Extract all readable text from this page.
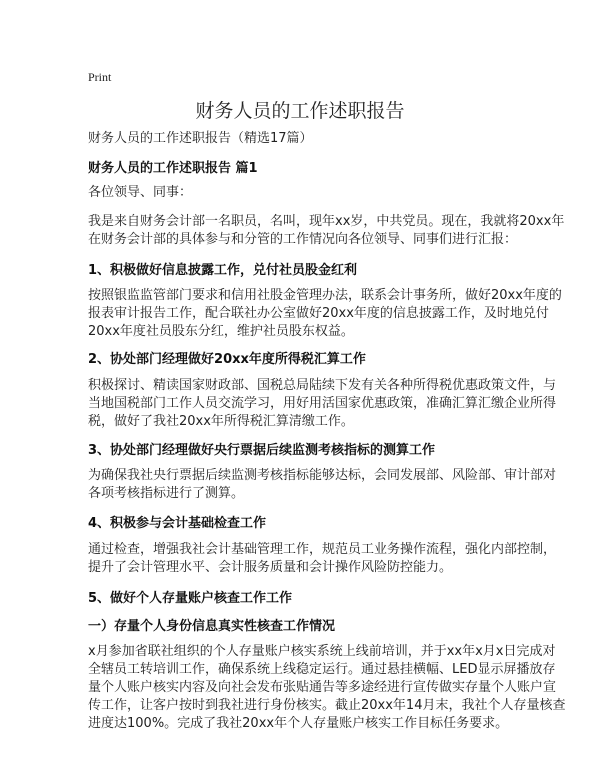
Print
财务人员的工作述职报告
财务人员的工作述职报告（精选17篇）
财务人员的工作述职报告 篇1
各位领导、同事：
我是来自财务会计部一名职员，名叫，现年xx岁，中共党员。现在，我就将20xx年
在财务会计部的具体参与和分管的工作情况向各位领导、同事们进行汇报：
1、积极做好信息披露工作，兑付社员股金红利
按照银监监管部门要求和信用社股金管理办法，联系会计事务所，做好20xx年度的
报表审计报告工作，配合联社办公室做好20xx年度的信息披露工作，及时地兑付
20xx年度社员股东分红，维护社员股东权益。
2、协处部门经理做好20xx年度所得税汇算工作
积极探讨、精读国家财政部、国税总局陆续下发有关各种所得税优惠政策文件，与
当地国税部门工作人员交流学习，用好用活国家优惠政策，准确汇算汇缴企业所得
税，做好了我社20xx年所得税汇算清缴工作。
3、协处部门经理做好央行票据后续监测考核指标的测算工作
为确保我社央行票据后续监测考核指标能够达标，会同发展部、风险部、审计部对
各项考核指标进行了测算。
4、积极参与会计基础检查工作
通过检查，增强我社会计基础管理工作，规范员工业务操作流程，强化内部控制，
提升了会计管理水平、会计服务质量和会计操作风险防控能力。
5、做好个人存量账户核查工作工作
一）存量个人身份信息真实性核查工作情况
x月参加省联社组织的个人存量账户核实系统上线前培训，并于xx年x月x日完成对
全辖员工转培训工作，确保系统上线稳定运行。通过悬挂横幅、LED显示屏播放存
量个人账户核实内容及向社会发布张贴通告等多途经进行宣传做实存量个人账户宣
传工作，让客户按时到我社进行身份核实。截止20xx年14月末，我社个人存量核查
进度达100%。完成了我社20xx年个人存量账户核实工作目标任务要求。
